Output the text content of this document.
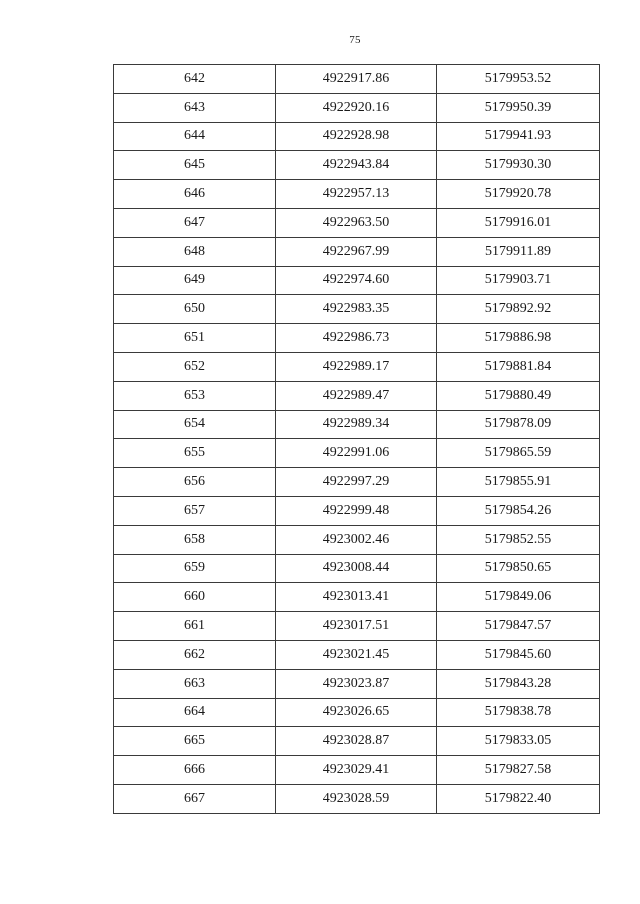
75
642	4922917.86	5179953.52
643	4922920.16	5179950.39
644	4922928.98	5179941.93
645	4922943.84	5179930.30
646	4922957.13	5179920.78
647	4922963.50	5179916.01
648	4922967.99	5179911.89
649	4922974.60	5179903.71
650	4922983.35	5179892.92
651	4922986.73	5179886.98
652	4922989.17	5179881.84
653	4922989.47	5179880.49
654	4922989.34	5179878.09
655	4922991.06	5179865.59
656	4922997.29	5179855.91
657	4922999.48	5179854.26
658	4923002.46	5179852.55
659	4923008.44	5179850.65
660	4923013.41	5179849.06
661	4923017.51	5179847.57
662	4923021.45	5179845.60
663	4923023.87	5179843.28
664	4923026.65	5179838.78
665	4923028.87	5179833.05
666	4923029.41	5179827.58
667	4923028.59	5179822.40
